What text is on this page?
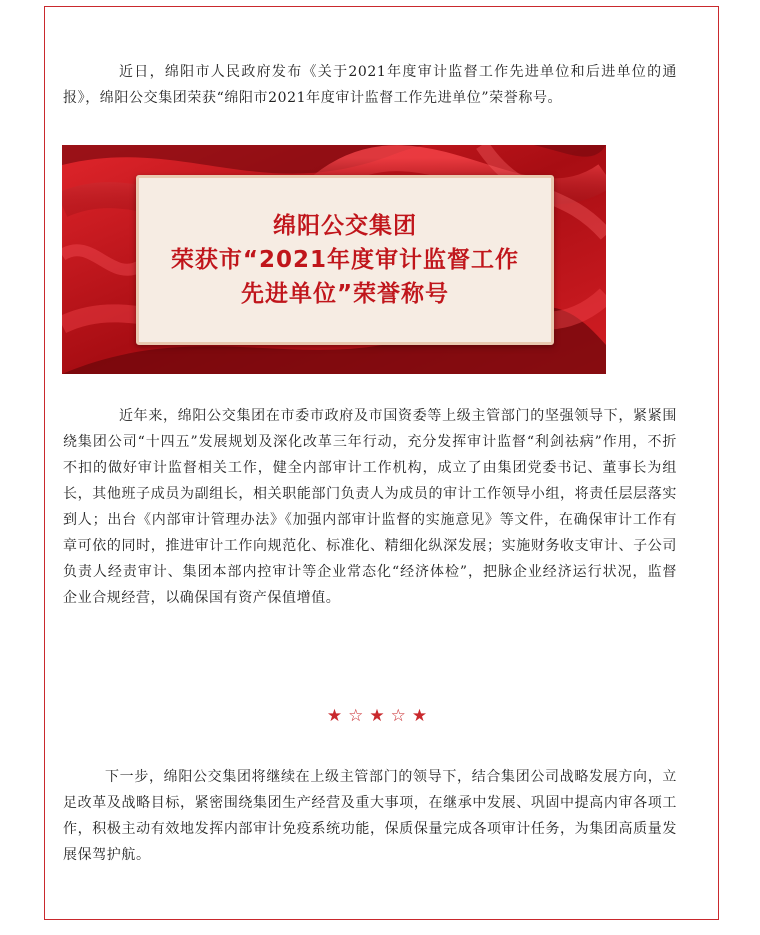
近日，绵阳市人民政府发布《关于2021年度审计监督工作先进单位和后进单位的通报》，绵阳公交集团荣获“绵阳市2021年度审计监督工作先进单位”荣誉称号。

绵阳公交集团
荣获市“2021年度审计监督工作
先进单位”荣誉称号

近年来，绵阳公交集团在市委市政府及市国资委等上级主管部门的坚强领导下，紧紧围绕集团公司“十四五”发展规划及深化改革三年行动，充分发挥审计监督“利剑祛病”作用，不折不扣的做好审计监督相关工作，健全内部审计工作机构，成立了由集团党委书记、董事长为组长，其他班子成员为副组长，相关职能部门负责人为成员的审计工作领导小组，将责任层层落实到人；出台《内部审计管理办法》《加强内部审计监督的实施意见》等文件，在确保审计工作有章可依的同时，推进审计工作向规范化、标准化、精细化纵深发展；实施财务收支审计、子公司负责人经责审计、集团本部内控审计等企业常态化“经济体检”，把脉企业经济运行状况，监督企业合规经营，以确保国有资产保值增值。

★☆★☆★

下一步，绵阳公交集团将继续在上级主管部门的领导下，结合集团公司战略发展方向，立足改革及战略目标，紧密围绕集团生产经营及重大事项，在继承中发展、巩固中提高内审各项工作，积极主动有效地发挥内部审计免疫系统功能，保质保量完成各项审计任务，为集团高质量发展保驾护航。
